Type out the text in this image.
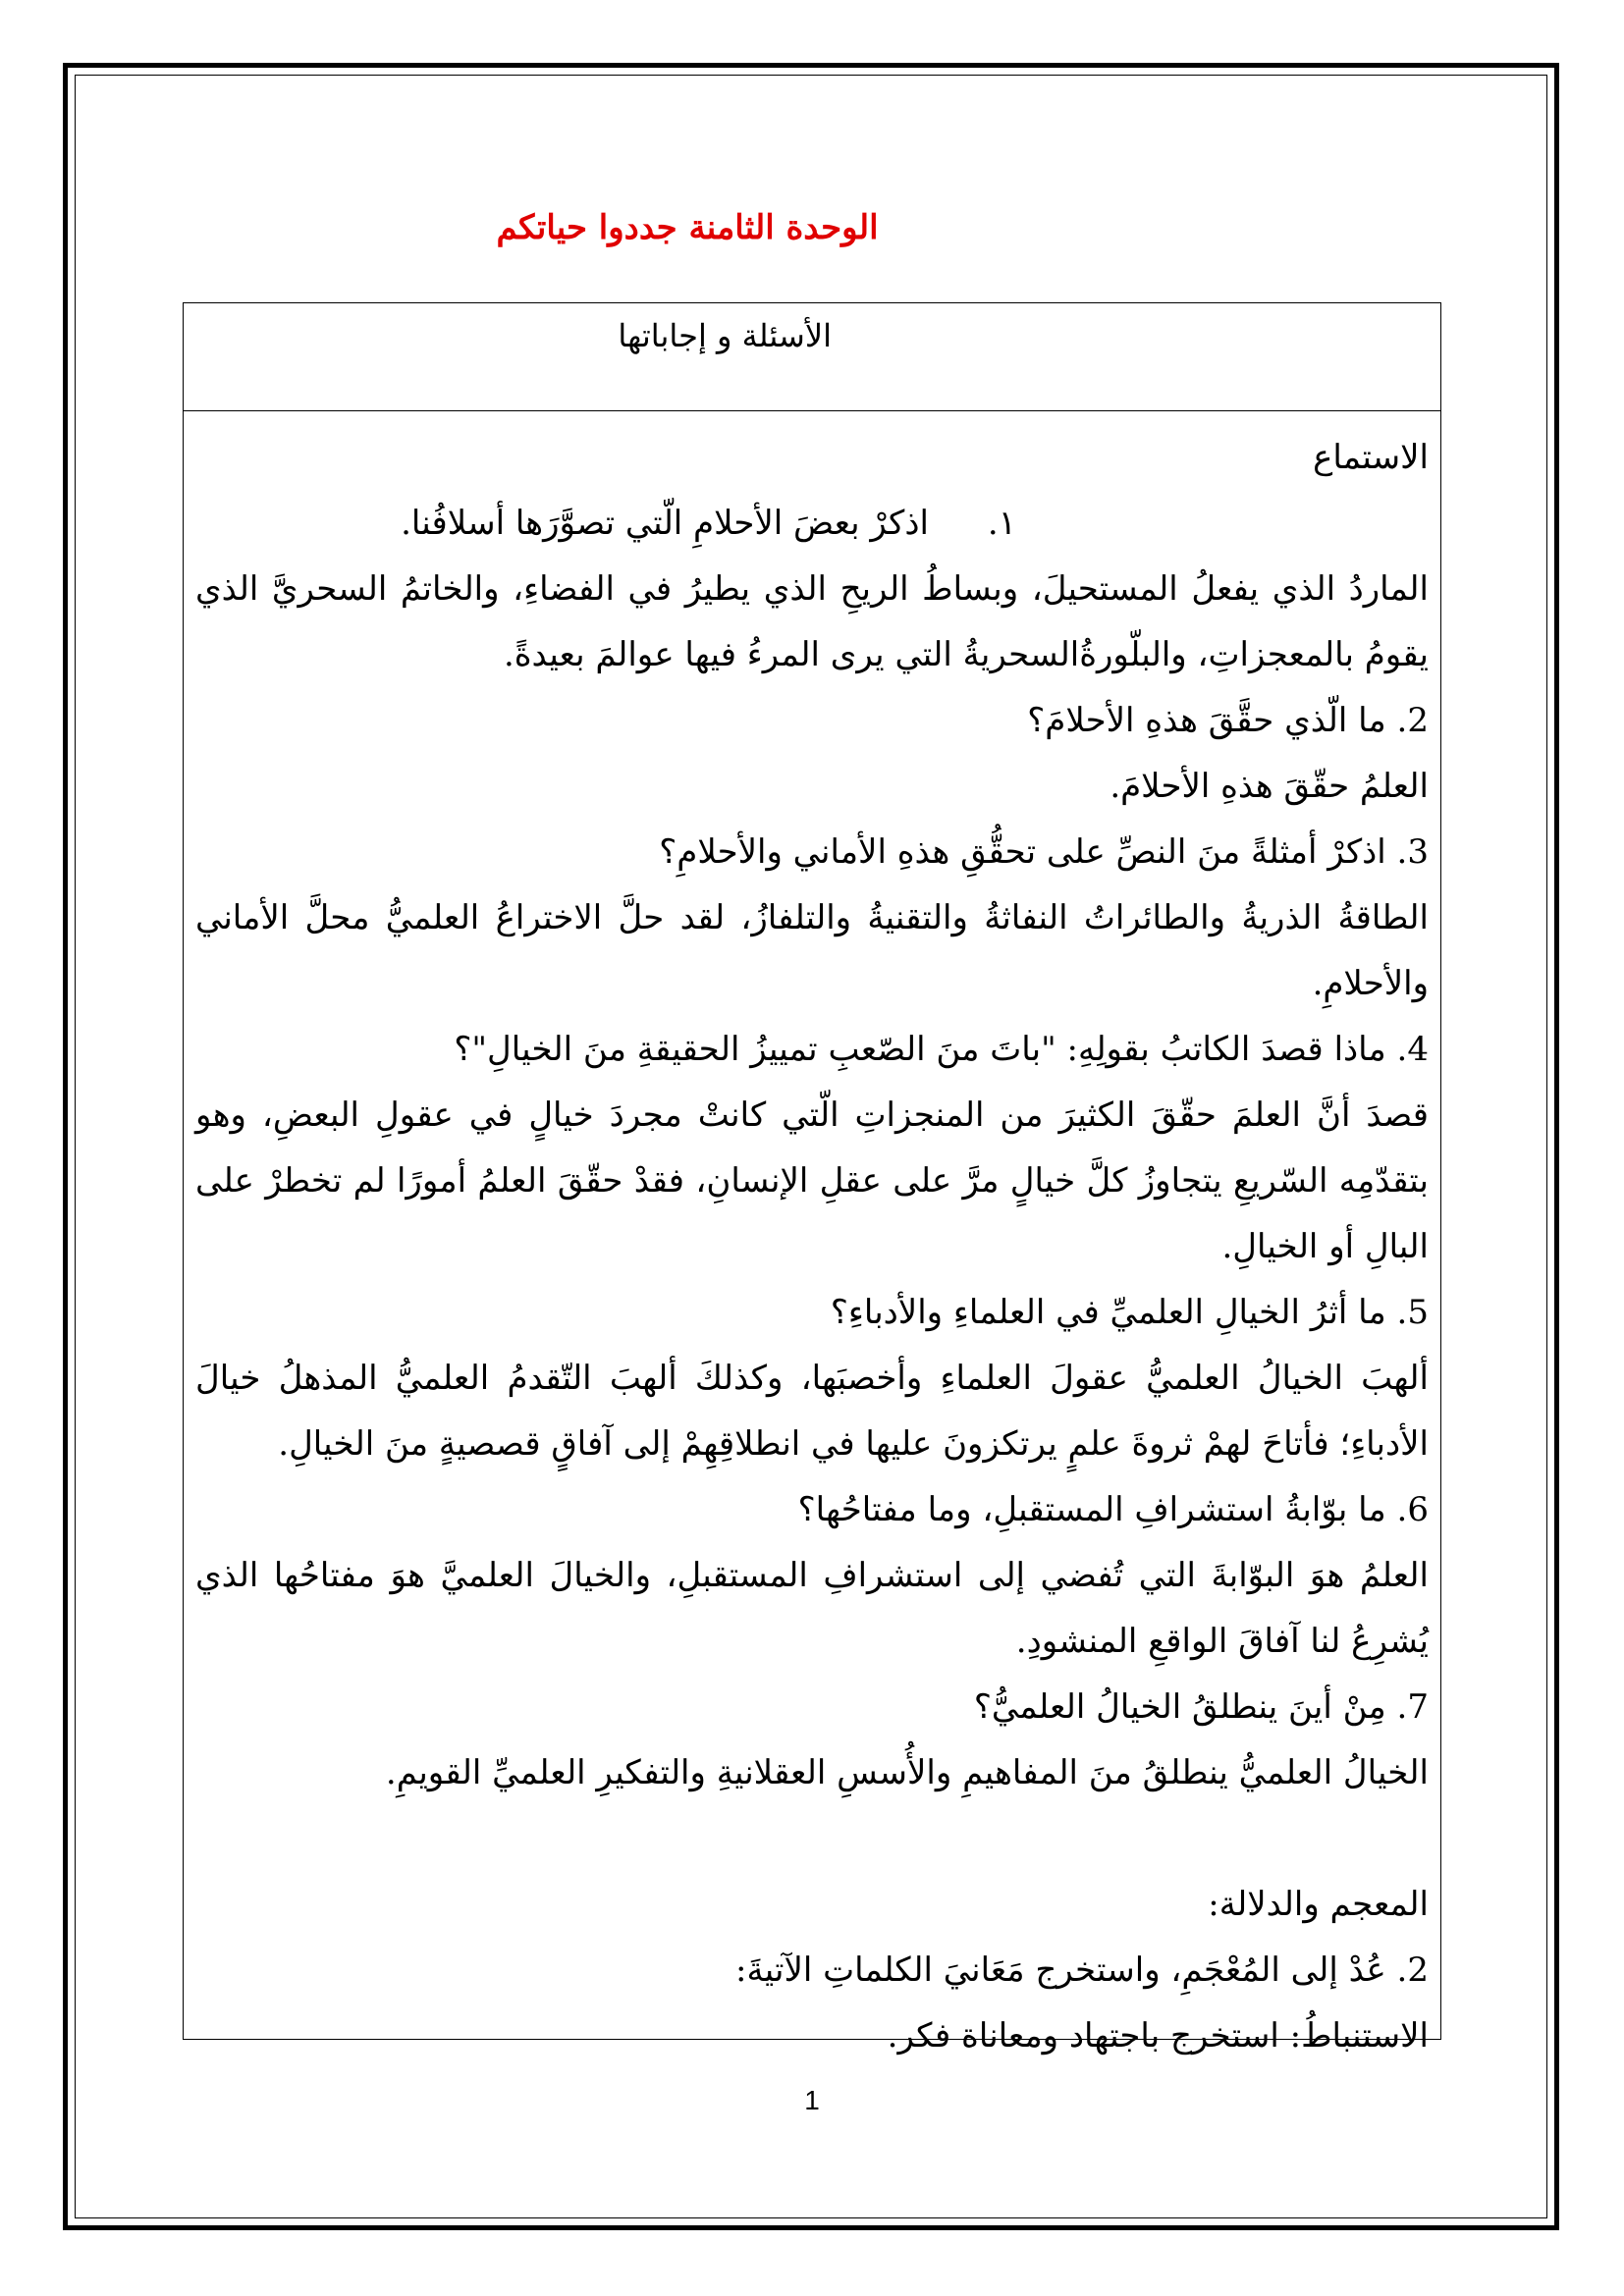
الوحدة الثامنة جددوا حياتكم
الأسئلة و إجاباتها

الاستماع

١.اذكرْ بعضَ الأحلامِ الّتي تصوَّرَها أسلافُنا.

الماردُ الذي يفعلُ المستحيلَ، وبساطُ الريحِ الذي يطيرُ في الفضاءِ، والخاتمُ السحريَّ الذي يقومُ بالمعجزاتِ، والبلّورةُالسحريةُ التي يرى المرءُ فيها عوالمَ بعيدةً.

2. ما الّذي حقَّقَ هذهِ الأحلامَ؟

العلمُ حقّقَ هذهِ الأحلامَ.

3. اذكرْ أمثلةً منَ النصِّ على تحقُّقِ هذهِ الأماني والأحلامِ؟

الطاقةُ الذريةُ والطائراتُ النفاثةُ والتقنيةُ والتلفازُ، لقد حلَّ الاختراعُ العلميُّ محلَّ الأماني والأحلامِ.

4. ماذا قصدَ الكاتبُ بقولِهِ: "باتَ منَ الصّعبِ تمييزُ الحقيقةِ منَ الخيالِ"؟

قصدَ أنَّ العلمَ حقّقَ الكثيرَ من المنجزاتِ الّتي كانتْ مجردَ خيالٍ في عقولِ البعضِ، وهو بتقدّمِه السّريعِ يتجاوزُ كلَّ خيالٍ مرَّ على عقلِ الإنسانِ، فقدْ حقّقَ العلمُ أمورًا لم تخطرْ على البالِ أو الخيالِ.

5. ما أثرُ الخيالِ العلميِّ في العلماءِ والأدباءِ؟

ألهبَ الخيالُ العلميُّ عقولَ العلماءِ وأخصبَها، وكذلكَ ألهبَ التّقدمُ العلميُّ المذهلُ خيالَ الأدباءِ؛ فأتاحَ لهمْ ثروةَ علمٍ يرتكزونَ عليها في انطلاقِهِمْ إلى آفاقٍ قصصيةٍ منَ الخيالِ.

6. ما بوّابةُ استشرافِ المستقبلِ، وما مفتاحُها؟

العلمُ هوَ البوّابةَ التي تُفضي إلى استشرافِ المستقبلِ، والخيالَ العلميَّ هوَ مفتاحُها الذي يُشرِعُ لنا آفاقَ الواقعِ المنشودِ.

7. مِنْ أينَ ينطلقُ الخيالُ العلميُّ؟

الخيالُ العلميُّ ينطلقُ منَ المفاهيمِ والأُسسِ العقلانيةِ والتفكيرِ العلميِّ القويمِ.

المعجم والدلالة:

2. عُدْ إلى المُعْجَمِ، واستخرج مَعَانيَ الكلماتِ الآتيةَ:

الاستنباطُ: استخرج باجتهاد ومعاناة فكر.

1
